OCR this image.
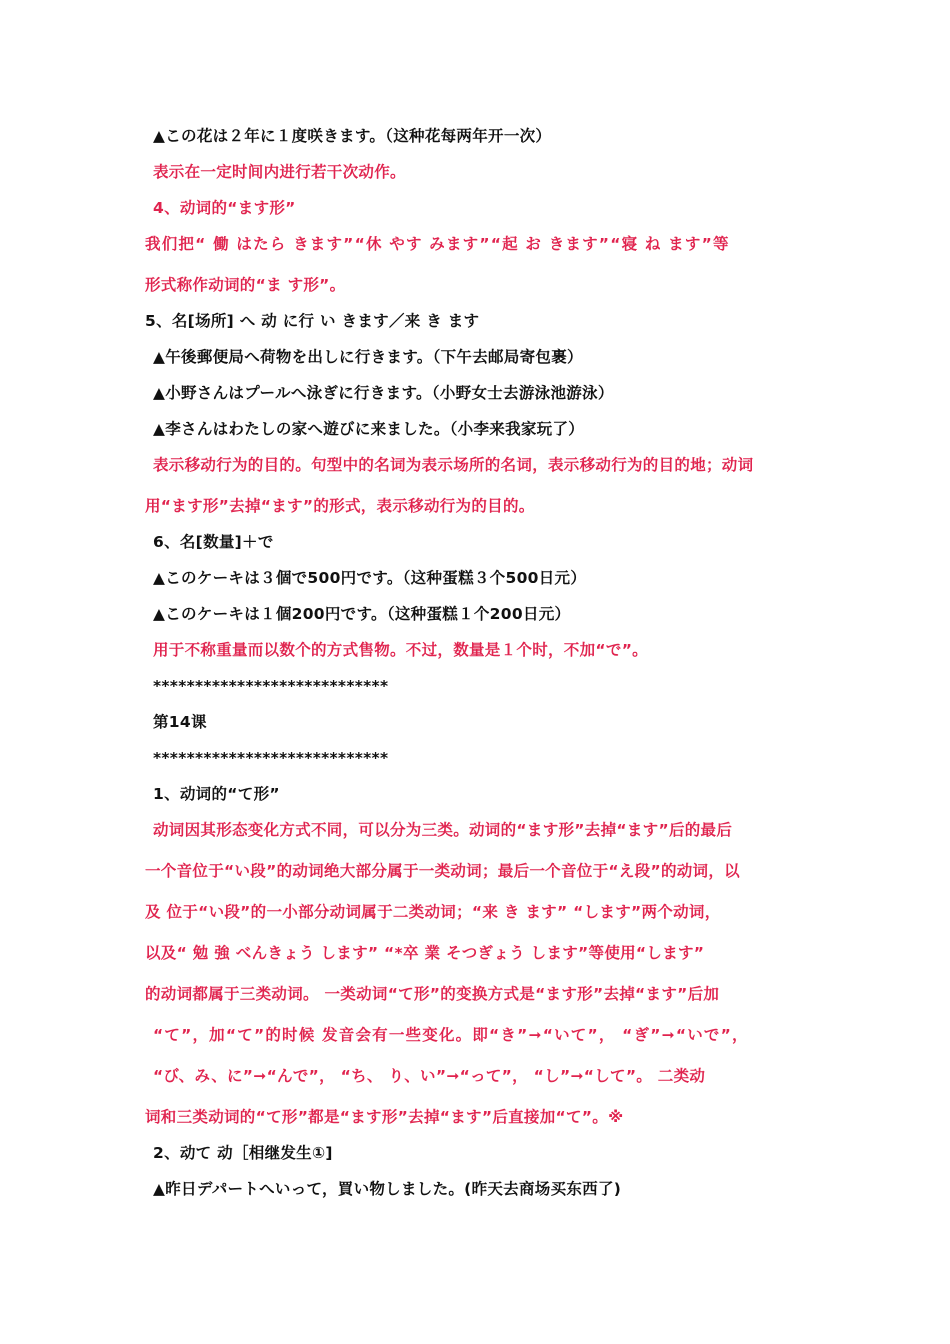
▲この花は２年に１度咲きます。（这种花每两年开一次）

表示在一定时间内进行若干次动作。

4、动词的“ます形”

我们把“ 働 はたら きます”“休 やす みます”“起 お きます”“寝 ね ます”等

形式称作动词的“ま す形”。

5、名[场所] へ 动 に行 い きます／来 き ます

▲午後郵便局へ荷物を出しに行きます。（下午去邮局寄包裹）

▲小野さんはプールへ泳ぎに行きます。（小野女士去游泳池游泳）

▲李さんはわたしの家へ遊びに来ました。（小李来我家玩了）

表示移动行为的目的。句型中的名词为表示场所的名词，表示移动行为的目的地；动词

用“ます形”去掉“ます”的形式，表示移动行为的目的。

6、名[数量]＋で

▲このケーキは３個で500円です。（这种蛋糕３个500日元）

▲このケーキは１個200円です。（这种蛋糕１个200日元）

用于不称重量而以数个的方式售物。不过，数量是１个时，不加“で”。

****************************

第14课

****************************

1、动词的“て形”

动词因其形态变化方式不同，可以分为三类。动词的“ます形”去掉“ます”后的最后

一个音位于“い段”的动词绝大部分属于一类动词；最后一个音位于“え段”的动词，以

及 位于“い段”的一小部分动词属于二类动词；“来 き ます” “します”两个动词，

以及“ 勉 強 べんきょう します” “*卒 業 そつぎょう します”等使用“します”

的动词都属于三类动词。 一类动词“て形”的变换方式是“ます形”去掉“ます”后加

“て”，加“て”的时候 发音会有一些变化。即“き”➞“いて”， “ぎ”➞“いで”，

“び、み、に”➞“んで”， “ち、 り、い”➞“って”， “し”➞“して”。 二类动

词和三类动词的“て形”都是“ます形”去掉“ます”后直接加“て”。※

2、动て 动［相继发生①]

▲昨日デパートへいって，買い物しました。(昨天去商场买东西了)
